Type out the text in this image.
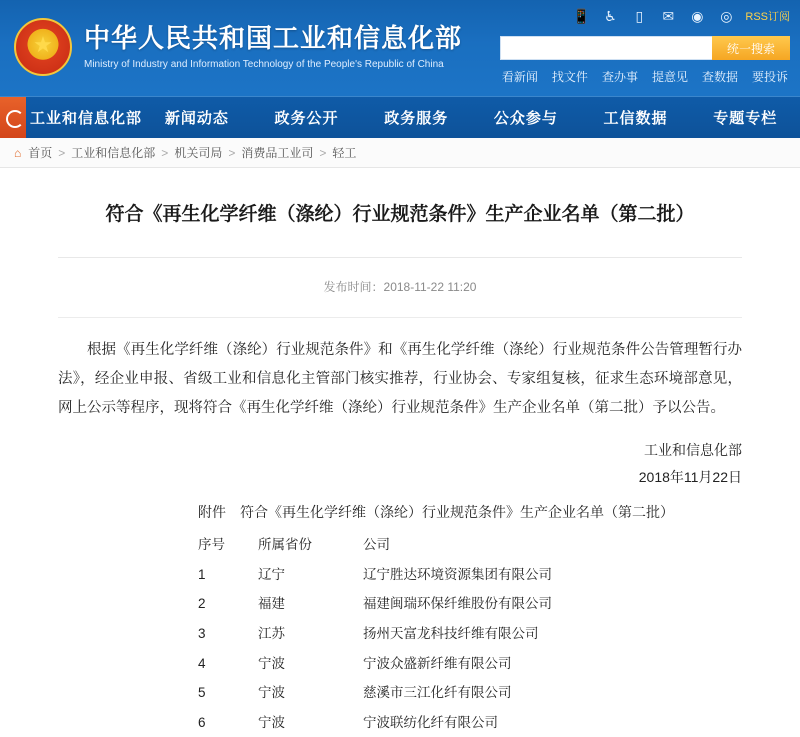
★
中华人民共和国工业和信息化部
Ministry of Industry and Information Technology of the People's Republic of China
📱 ♿	▯	✉ ◉ ◎	RSS订阅
统一搜索
看新闻 找文件 查办事 提意见 查数据 要投诉
工业和信息化部	新闻动态	政务公开	政务服务	公众参与	工信数据	专题专栏
⌂ 首页 > 工业和信息化部 > 机关司局 > 消费品工业司 > 轻工
符合《再生化学纤维（涤纶）行业规范条件》生产企业名单（第二批）
发布时间：2018-11-22 11:20

根据《再生化学纤维（涤纶）行业规范条件》和《再生化学纤维（涤纶）行业规范条件公告管理暂行办法》，经企业申报、省级工业和信息化主管部门核实推荐，行业协会、专家组复核，征求生态环境部意见，网上公示等程序，现将符合《再生化学纤维（涤纶）行业规范条件》生产企业名单（第二批）予以公告。

工业和信息化部
2018年11月22日
附件 符合《再生化学纤维（涤纶）行业规范条件》生产企业名单（第二批）
序号	所属省份	公司
1	辽宁	辽宁胜达环境资源集团有限公司
2	福建	福建闽瑞环保纤维股份有限公司
3	江苏	扬州天富龙科技纤维有限公司
4	宁波	宁波众盛新纤维有限公司
5	宁波	慈溪市三江化纤有限公司
6	宁波	宁波联纺化纤有限公司
